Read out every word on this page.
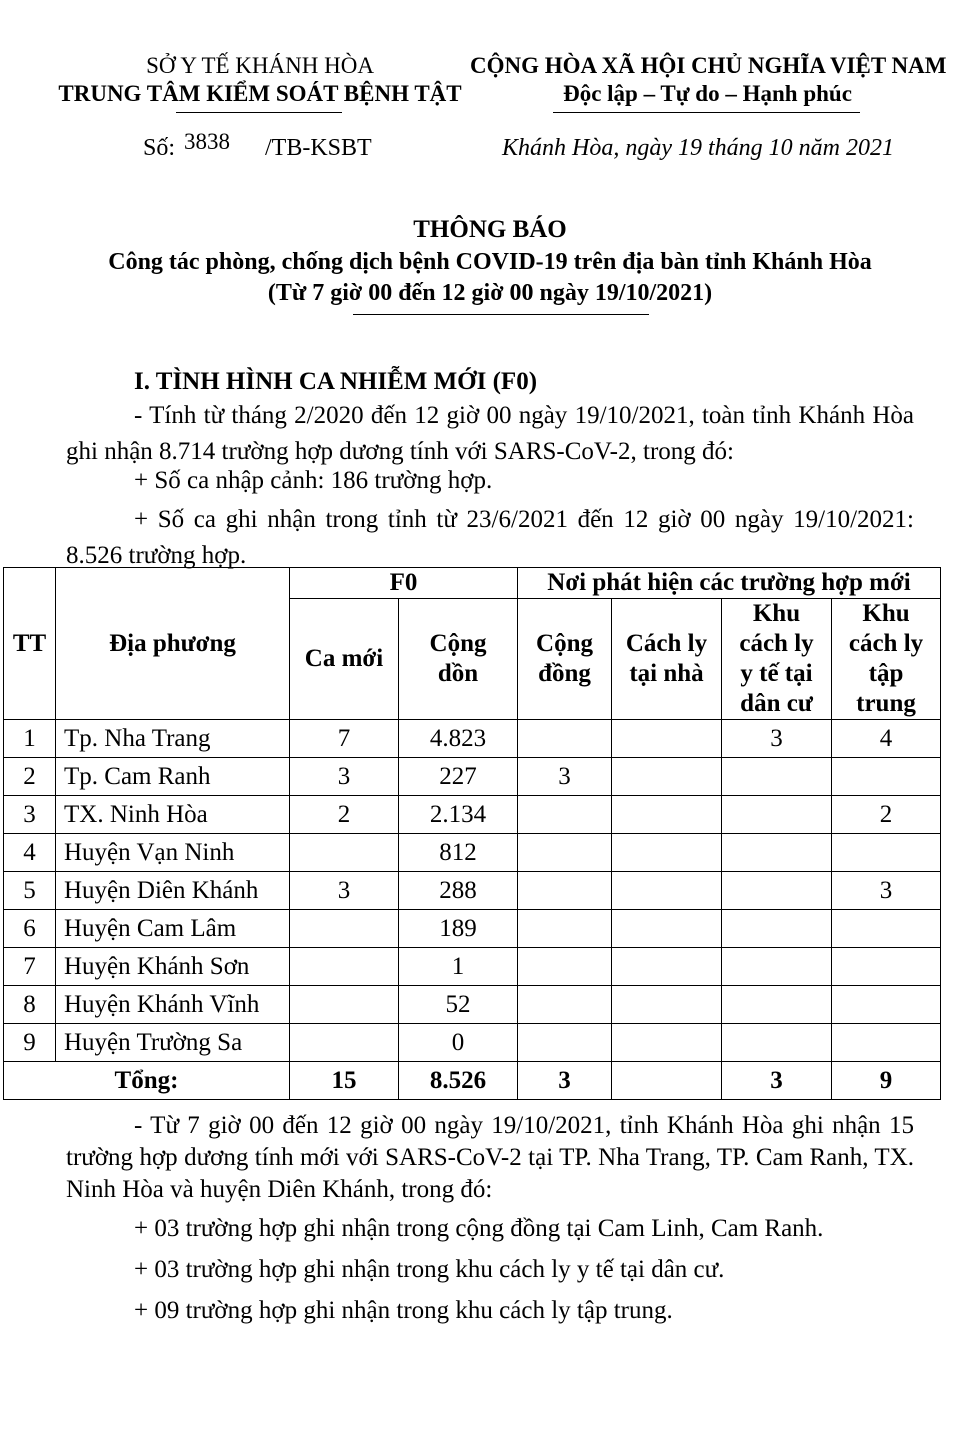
SỞ Y TẾ KHÁNH HÒA
TRUNG TÂM KIỂM SOÁT BỆNH TẬT
CỘNG HÒA XÃ HỘI CHỦ NGHĨA VIỆT NAM
Độc lập – Tự do – Hạnh phúc
Số: 3838 /TB-KSBT	Khánh Hòa, ngày 19 tháng 10 năm 2021
THÔNG BÁO
Công tác phòng, chống dịch bệnh COVID-19 trên địa bàn tỉnh Khánh Hòa
(Từ 7 giờ 00 đến 12 giờ 00 ngày 19/10/2021)
I. TÌNH HÌNH CA NHIỄM MỚI (F0)
- Tính từ tháng 2/2020 đến 12 giờ 00 ngày 19/10/2021, toàn tỉnh Khánh Hòa ghi nhận 8.714 trường hợp dương tính với SARS-CoV-2, trong đó:
+ Số ca nhập cảnh: 186 trường hợp.
+ Số ca ghi nhận trong tỉnh từ 23/6/2021 đến 12 giờ 00 ngày 19/10/2021: 8.526 trường hợp.
TT	Địa phương	F0		Nơi phát hiện các trường hợp mới			
		Ca mới	Cộng dồn	Cộng đồng	Cách ly tại nhà	Khu cách ly y tế tại dân cư	Khu cách ly tập trung
1	Tp. Nha Trang	7	4.823			3	4
2	Tp. Cam Ranh	3	227	3			
3	TX. Ninh Hòa	2	2.134				2
4	Huyện Vạn Ninh		812				
5	Huyện Diên Khánh	3	288				3
6	Huyện Cam Lâm		189				
7	Huyện Khánh Sơn		1				
8	Huyện Khánh Vĩnh		52				
9	Huyện Trường Sa		0				
Tổng:		15	8.526	3		3	9
- Từ 7 giờ 00 đến 12 giờ 00 ngày 19/10/2021, tỉnh Khánh Hòa ghi nhận 15 trường hợp dương tính mới với SARS-CoV-2 tại TP. Nha Trang, TP. Cam Ranh, TX. Ninh Hòa và huyện Diên Khánh, trong đó:
+ 03 trường hợp ghi nhận trong cộng đồng tại Cam Linh, Cam Ranh.
+ 03 trường hợp ghi nhận trong khu cách ly y tế tại dân cư.
+ 09 trường hợp ghi nhận trong khu cách ly tập trung.
